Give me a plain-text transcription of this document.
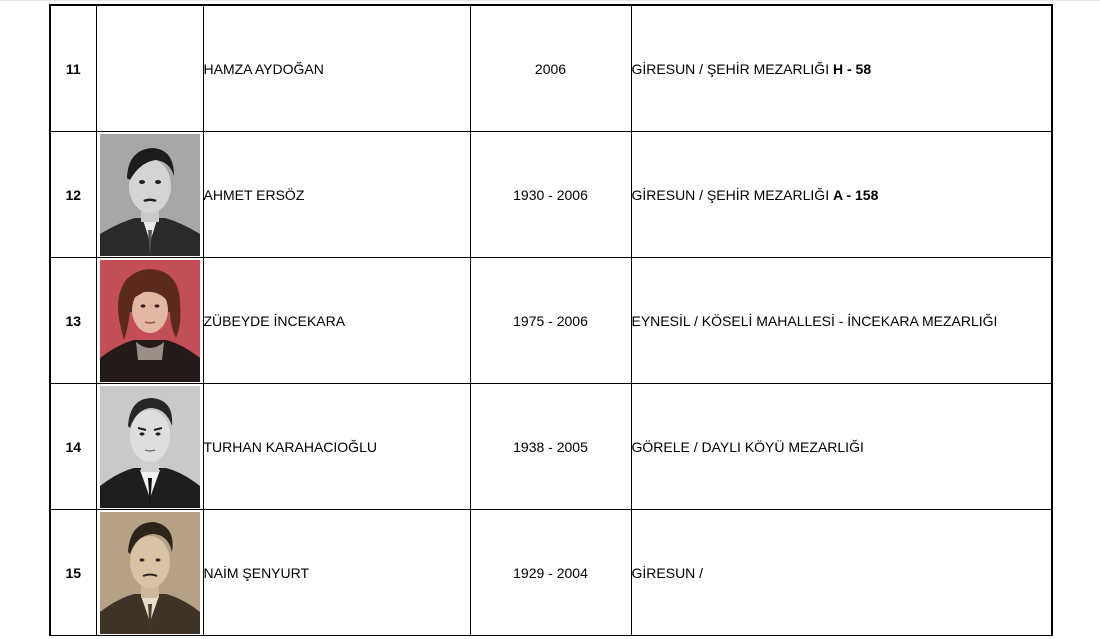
11		HAMZA AYDOĞAN	2006	GİRESUN / ŞEHİR MEZARLIĞI H - 58
12		AHMET ERSÖZ	1930 - 2006	GİRESUN / ŞEHİR MEZARLIĞI A - 158
13		ZÜBEYDE İNCEKARA	1975 - 2006	EYNESİL / KÖSELİ MAHALLESİ - İNCEKARA MEZARLIĞI
14		TURHAN KARAHACIOĞLU	1938 - 2005	GÖRELE / DAYLI KÖYÜ MEZARLIĞI
15		NAİM ŞENYURT	1929 - 2004	GİRESUN /
